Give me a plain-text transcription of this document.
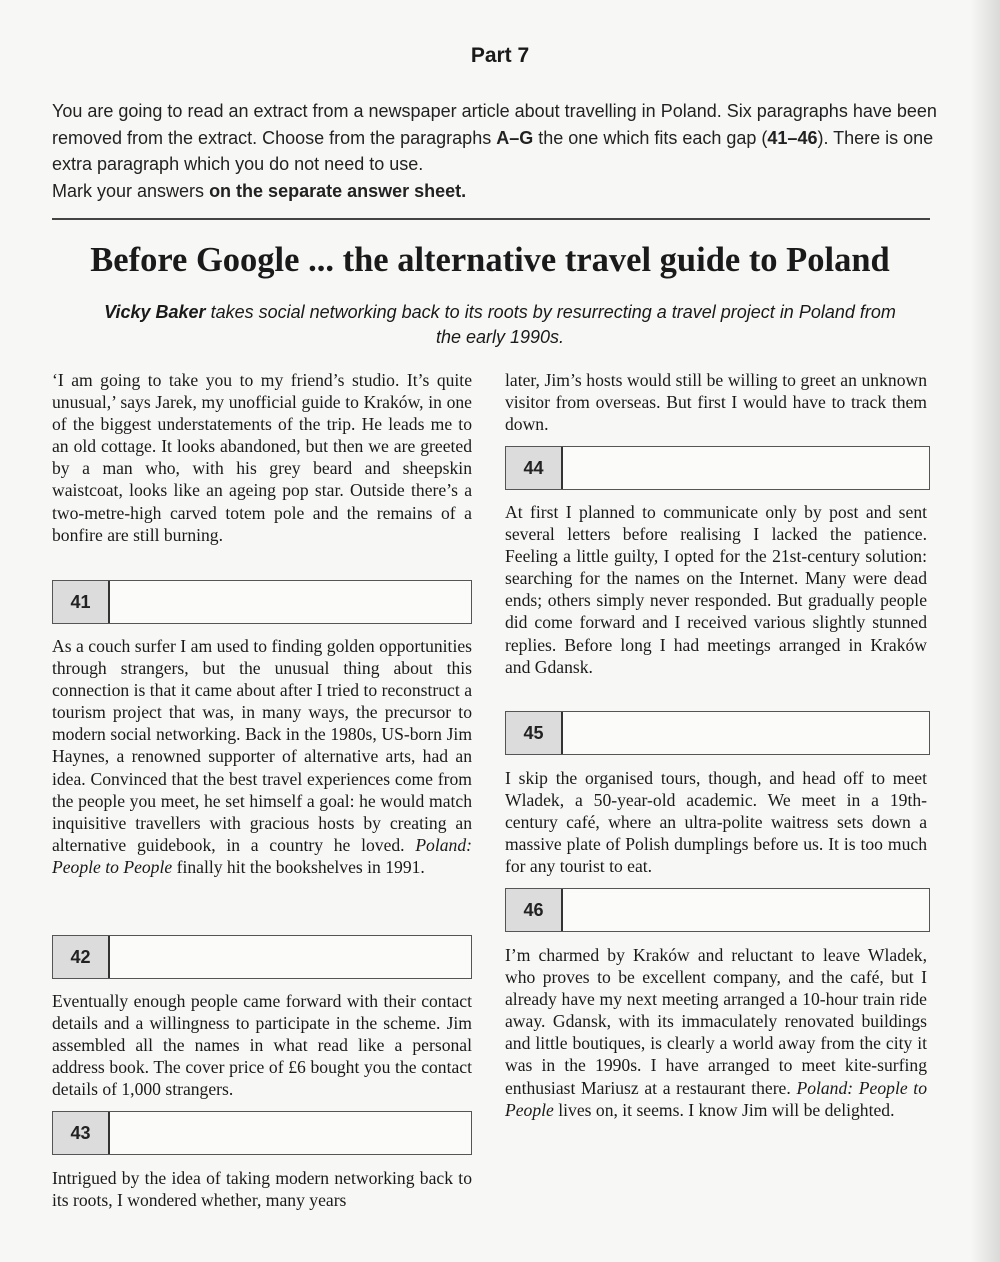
Part 7

You are going to read an extract from a newspaper article about travelling in Poland. Six paragraphs have been removed from the extract. Choose from the paragraphs A–G the one which fits each gap (41–46). There is one extra paragraph which you do not need to use.

Mark your answers on the separate answer sheet.

Before Google ... the alternative travel guide to Poland
Vicky Baker takes social networking back to its roots by resurrecting a travel project in Poland from the early 1990s.

‘I am going to take you to my friend’s studio. It’s quite unusual,’ says Jarek, my unofficial guide to Kraków, in one of the biggest understatements of the trip. He leads me to an old cottage. It looks abandoned, but then we are greeted by a man who, with his grey beard and sheepskin waistcoat, looks like an ageing pop star. Outside there’s a two-metre-high carved totem pole and the remains of a bonfire are still burning.

41

As a couch surfer I am used to finding golden opportunities through strangers, but the unusual thing about this connection is that it came about after I tried to reconstruct a tourism project that was, in many ways, the precursor to modern social networking. Back in the 1980s, US-born Jim Haynes, a renowned supporter of alternative arts, had an idea. Convinced that the best travel experiences come from the people you meet, he set himself a goal: he would match inquisitive travellers with gracious hosts by creating an alternative guidebook, in a country he loved. Poland: People to People finally hit the bookshelves in 1991.

42

Eventually enough people came forward with their contact details and a willingness to participate in the scheme. Jim assembled all the names in what read like a personal address book. The cover price of £6 bought you the contact details of 1,000 strangers.

43

Intrigued by the idea of taking modern networking back to its roots, I wondered whether, many years

later, Jim’s hosts would still be willing to greet an unknown visitor from overseas. But first I would have to track them down.

44

At first I planned to communicate only by post and sent several letters before realising I lacked the patience. Feeling a little guilty, I opted for the 21st-century solution: searching for the names on the Internet. Many were dead ends; others simply never responded. But gradually people did come forward and I received various slightly stunned replies. Before long I had meetings arranged in Kraków and Gdansk.

45

I skip the organised tours, though, and head off to meet Wladek, a 50-year-old academic. We meet in a 19th-century café, where an ultra-polite waitress sets down a massive plate of Polish dumplings before us. It is too much for any tourist to eat.

46

I’m charmed by Kraków and reluctant to leave Wladek, who proves to be excellent company, and the café, but I already have my next meeting arranged a 10-hour train ride away. Gdansk, with its immaculately renovated buildings and little boutiques, is clearly a world away from the city it was in the 1990s. I have arranged to meet kite-surfing enthusiast Mariusz at a restaurant there. Poland: People to People lives on, it seems. I know Jim will be delighted.
